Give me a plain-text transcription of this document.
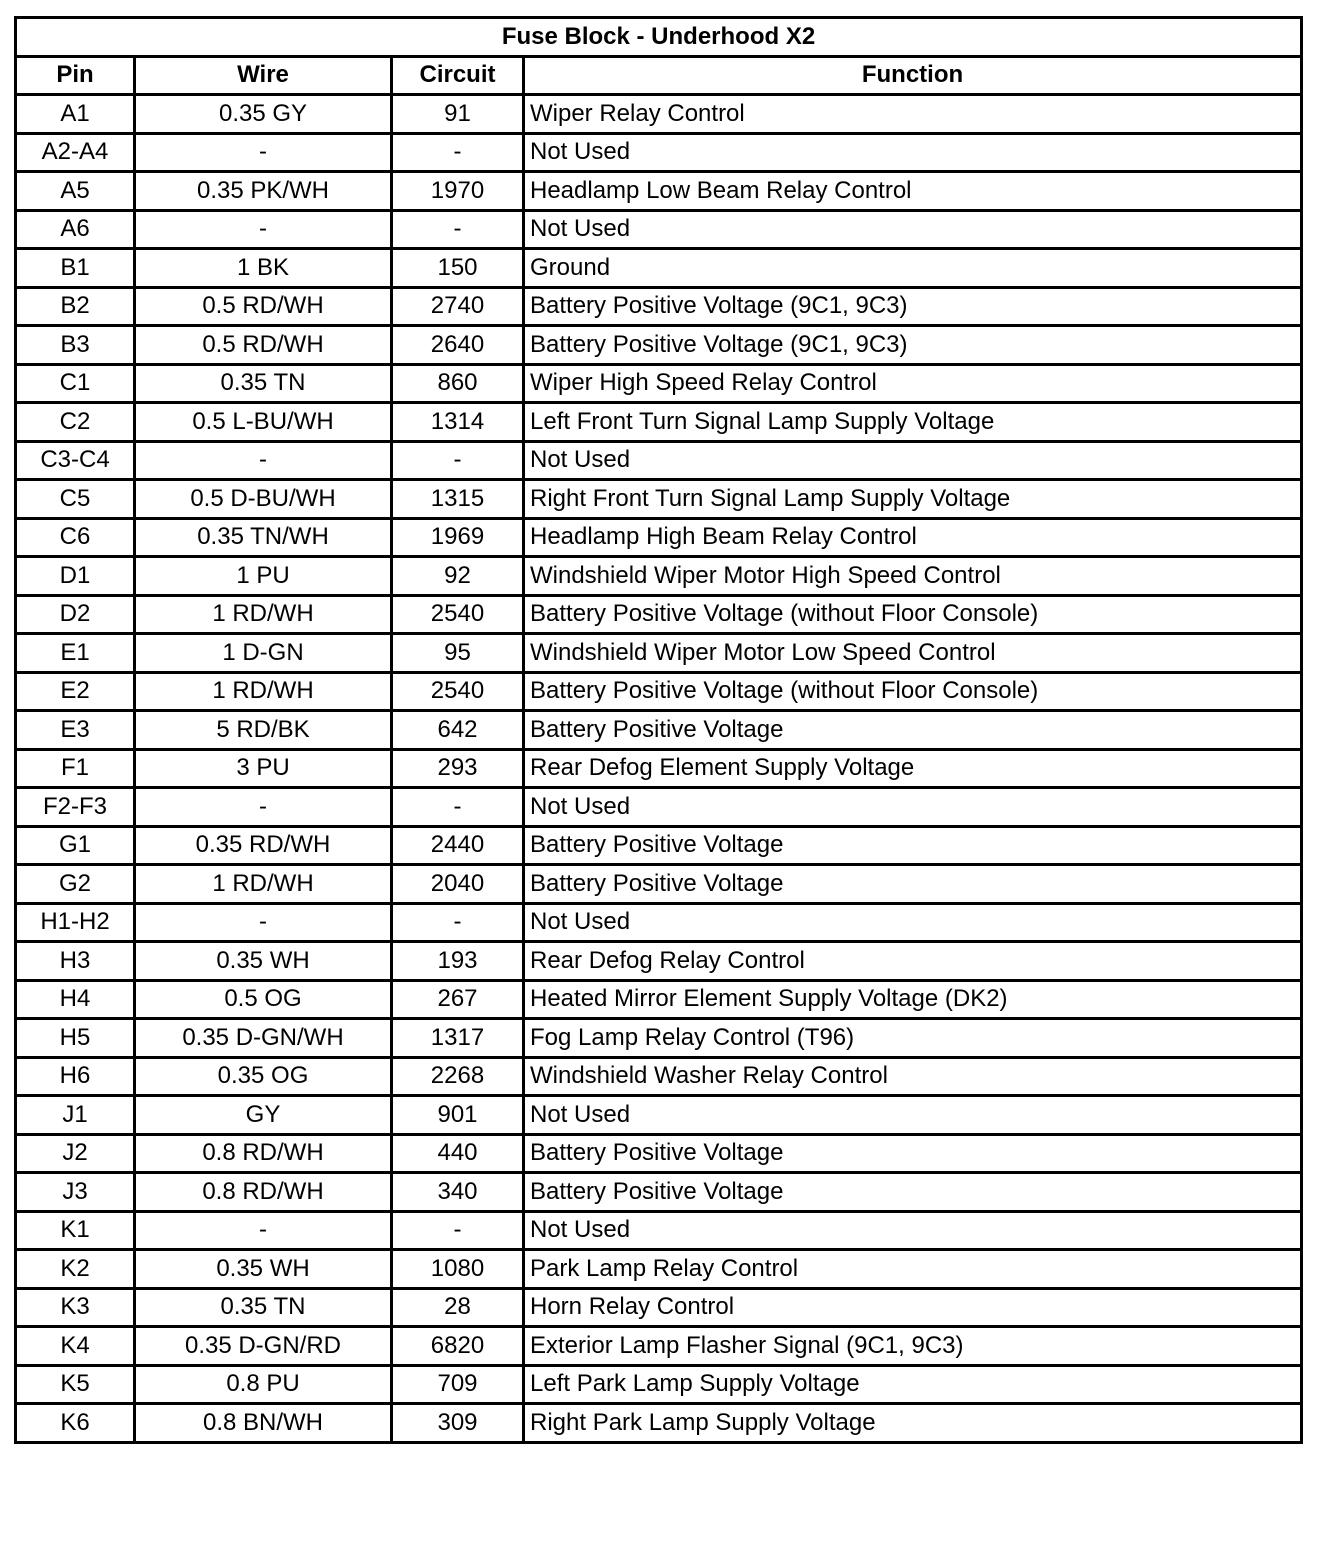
Fuse Block - Underhood X2			
Pin	Wire	Circuit	Function
A1	0.35 GY	91	Wiper Relay Control
A2-A4	-	-	Not Used
A5	0.35 PK/WH	1970	Headlamp Low Beam Relay Control
A6	-	-	Not Used
B1	1 BK	150	Ground
B2	0.5 RD/WH	2740	Battery Positive Voltage (9C1, 9C3)
B3	0.5 RD/WH	2640	Battery Positive Voltage (9C1, 9C3)
C1	0.35 TN	860	Wiper High Speed Relay Control
C2	0.5 L-BU/WH	1314	Left Front Turn Signal Lamp Supply Voltage
C3-C4	-	-	Not Used
C5	0.5 D-BU/WH	1315	Right Front Turn Signal Lamp Supply Voltage
C6	0.35 TN/WH	1969	Headlamp High Beam Relay Control
D1	1 PU	92	Windshield Wiper Motor High Speed Control
D2	1 RD/WH	2540	Battery Positive Voltage (without Floor Console)
E1	1 D-GN	95	Windshield Wiper Motor Low Speed Control
E2	1 RD/WH	2540	Battery Positive Voltage (without Floor Console)
E3	5 RD/BK	642	Battery Positive Voltage
F1	3 PU	293	Rear Defog Element Supply Voltage
F2-F3	-	-	Not Used
G1	0.35 RD/WH	2440	Battery Positive Voltage
G2	1 RD/WH	2040	Battery Positive Voltage
H1-H2	-	-	Not Used
H3	0.35 WH	193	Rear Defog Relay Control
H4	0.5 OG	267	Heated Mirror Element Supply Voltage (DK2)
H5	0.35 D-GN/WH	1317	Fog Lamp Relay Control (T96)
H6	0.35 OG	2268	Windshield Washer Relay Control
J1	GY	901	Not Used
J2	0.8 RD/WH	440	Battery Positive Voltage
J3	0.8 RD/WH	340	Battery Positive Voltage
K1	-	-	Not Used
K2	0.35 WH	1080	Park Lamp Relay Control
K3	0.35 TN	28	Horn Relay Control
K4	0.35 D-GN/RD	6820	Exterior Lamp Flasher Signal (9C1, 9C3)
K5	0.8 PU	709	Left Park Lamp Supply Voltage
K6	0.8 BN/WH	309	Right Park Lamp Supply Voltage
